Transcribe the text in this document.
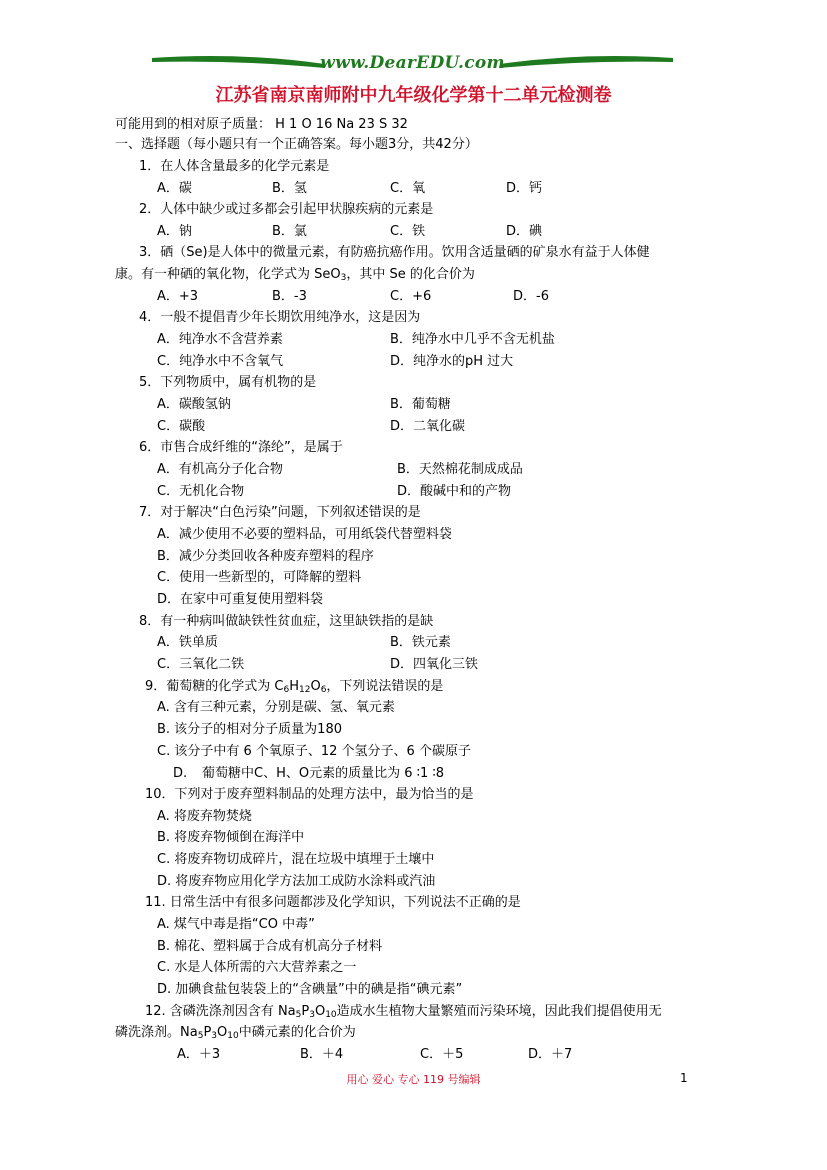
www.DearEDU.com
江苏省南京南师附中九年级化学第十二单元检测卷
可能用到的相对原子质量： H 1 O 16 Na 23 S 32
一、选择题（每小题只有一个正确答案。每小题3分，共42分）
1．在人体含量最多的化学元素是
A．碳	B．氢	C．氧	D．钙
2．人体中缺少或过多都会引起甲状腺疾病的元素是
A．钠	B．氯	C．铁	D．碘
3．硒（Se)是人体中的微量元素，有防癌抗癌作用。饮用含适量硒的矿泉水有益于人体健
康。有一种硒的氧化物，化学式为 SeO$_3$，其中 Se 的化合价为
A．+3	B．-3	C．+6	D．-6
4．一般不提倡青少年长期饮用纯净水，这是因为
A．纯净水不含营养素	B．纯净水中几乎不含无机盐
C．纯净水中不含氧气	D．纯净水的pH 过大
5．下列物质中，属有机物的是
A．碳酸氢钠	B．葡萄糖
C．碳酸	D．二氧化碳
6．市售合成纤维的“涤纶”，是属于
A．有机高分子化合物	B．天然棉花制成成品
C．无机化合物	D．酸碱中和的产物
7．对于解决“白色污染”问题，下列叙述错误的是
A．减少使用不必要的塑料品，可用纸袋代替塑料袋
B．减少分类回收各种废弃塑料的程序
C．使用一些新型的，可降解的塑料
D．在家中可重复使用塑料袋
8．有一种病叫做缺铁性贫血症，这里缺铁指的是缺
A．铁单质	B．铁元素
C．三氧化二铁	D．四氧化三铁
9．葡萄糖的化学式为 $C_6H_{12}O_6$，下列说法错误的是
A. 含有三种元素，分别是碳、氢、氧元素
B. 该分子的相对分子质量为180
C. 该分子中有 6 个氧原子、12 个氢分子、6 个碳原子
D. 葡萄糖中C、H、O元素的质量比为 6 ∶1 ∶8
10．下列对于废弃塑料制品的处理方法中，最为恰当的是
A. 将废弃物焚烧
B. 将废弃物倾倒在海洋中
C. 将废弃物切成碎片，混在垃圾中填埋于土壤中
D. 将废弃物应用化学方法加工成防水涂料或汽油
11. 日常生活中有很多问题都涉及化学知识，下列说法不正确的是
A. 煤气中毒是指“CO 中毒”
B. 棉花、塑料属于合成有机高分子材料
C. 水是人体所需的六大营养素之一
D. 加碘食盐包装袋上的“含碘量”中的碘是指“碘元素”
12. 含磷洗涤剂因含有 $Na_5P_3O_{10}$造成水生植物大量繁殖而污染环境，因此我们提倡使用无
磷洗涤剂。$Na_5P_3O_{10}$中磷元素的化合价为
A．＋3	B．＋4	C．＋5	D．＋7
用心 爱心 专心 119 号编辑	1
